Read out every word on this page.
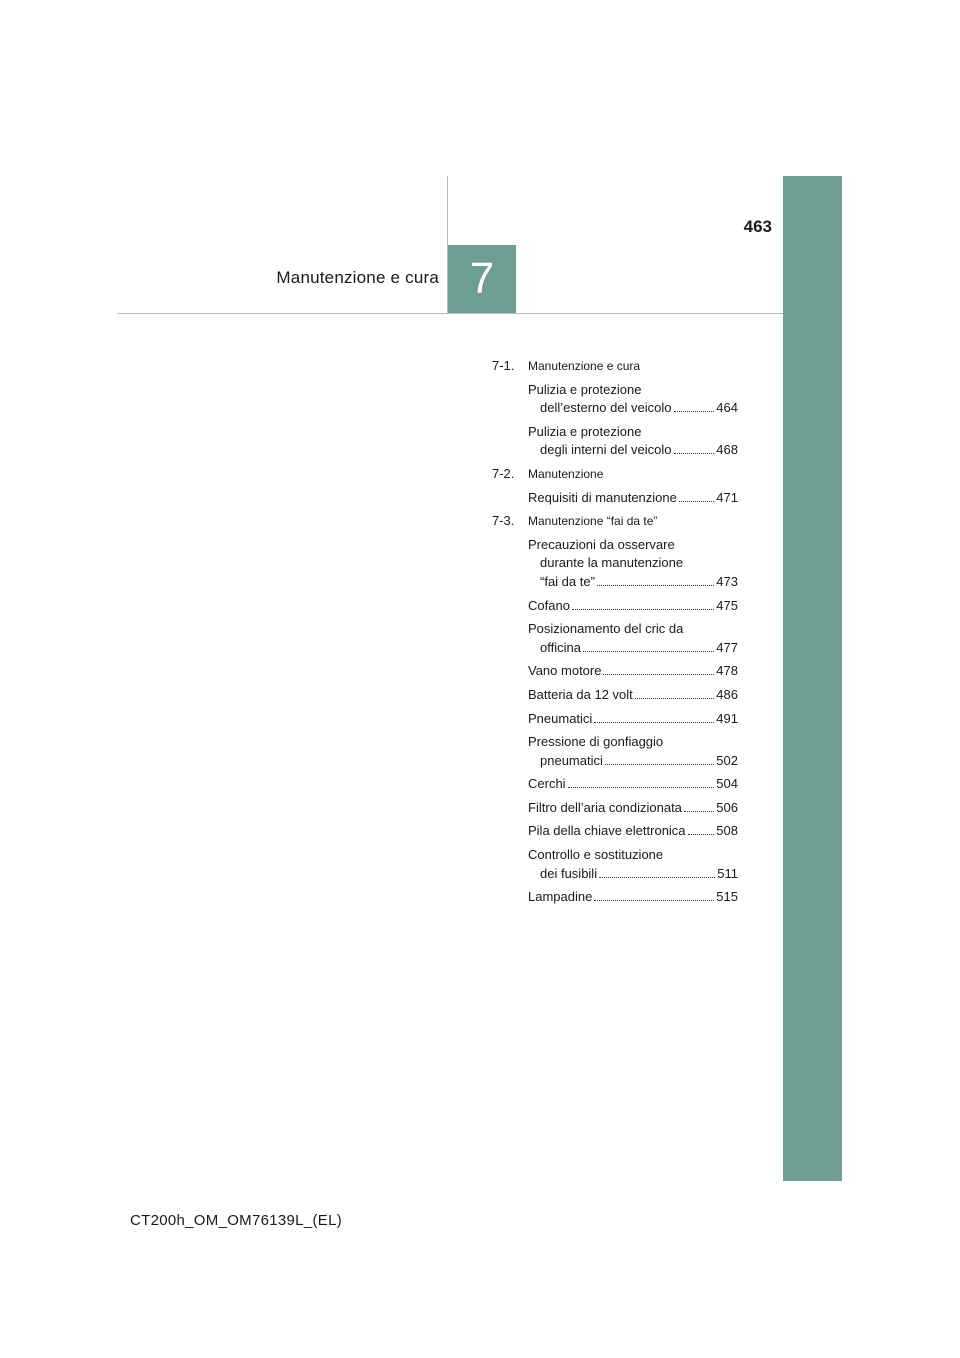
463
Manutenzione e cura 7
7-1.	Manutenzione e cura
Pulizia e protezione
dell’esterno del veicolo	464
Pulizia e protezione
degli interni del veicolo	468
7-2.	Manutenzione
Requisiti di manutenzione	471
7-3.	Manutenzione “fai da te”
Precauzioni da osservare
durante la manutenzione
“fai da te”	473
Cofano	475
Posizionamento del cric da
officina	477
Vano motore	478
Batteria da 12 volt	486
Pneumatici	491
Pressione di gonfiaggio
pneumatici	502
Cerchi	504
Filtro dell’aria condizionata	506
Pila della chiave elettronica 508
Controllo e sostituzione
dei fusibili	511
Lampadine	515
CT200h_OM_OM76139L_(EL)
